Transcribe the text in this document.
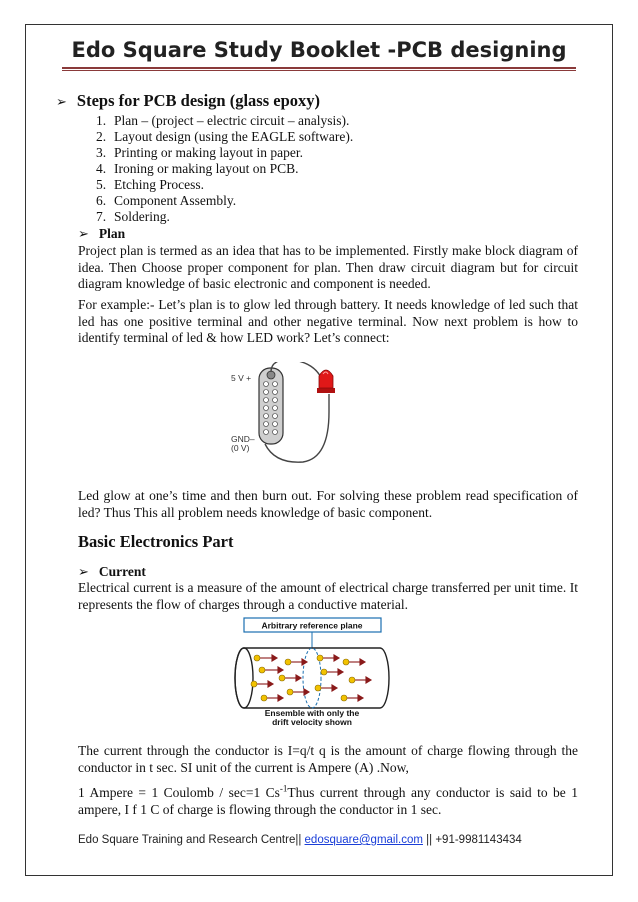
Edo Square Study Booklet -PCB designing
➢ Steps for PCB design (glass epoxy)
1. Plan – (project – electric circuit – analysis).
2. Layout design (using the EAGLE software).
3. Printing or making layout in paper.
4. Ironing or making layout on PCB.
5. Etching Process.
6. Component Assembly.
7. Soldering.
➢ Plan

Project plan is termed as an idea that has to be implemented. Firstly make block diagram of idea. Then Choose proper component for plan. Then draw circuit diagram but for circuit diagram knowledge of basic electronic and component is needed.

For example:- Let’s plan is to glow led through battery. It needs knowledge of led such that led has one positive terminal and other negative terminal. Now next problem is how to identify terminal of led & how LED work? Let’s connect:

5 V +
GND–
(0 V)

Led glow at one’s time and then burn out. For solving these problem read specification of led? Thus This all problem needs knowledge of basic component.

Basic Electronics Part
➢ Current

Electrical current is a measure of the amount of electrical charge transferred per unit time. It represents the flow of charges through a conductive material.

Arbitrary reference plane
Ensemble with only the
drift velocity shown

The current through the conductor is I=q/t q is the amount of charge flowing through the conductor in t sec. SI unit of the current is Ampere (A) .Now,

1 Ampere = 1 Coulomb / sec=1 $Cs^{-1}Thus$ current through any conductor is said to be 1 ampere, I f 1 C of charge is flowing through the conductor in 1 sec.

Edo Square Training and Research Centre|| edosquare@gmail.com || +91-9981143434
